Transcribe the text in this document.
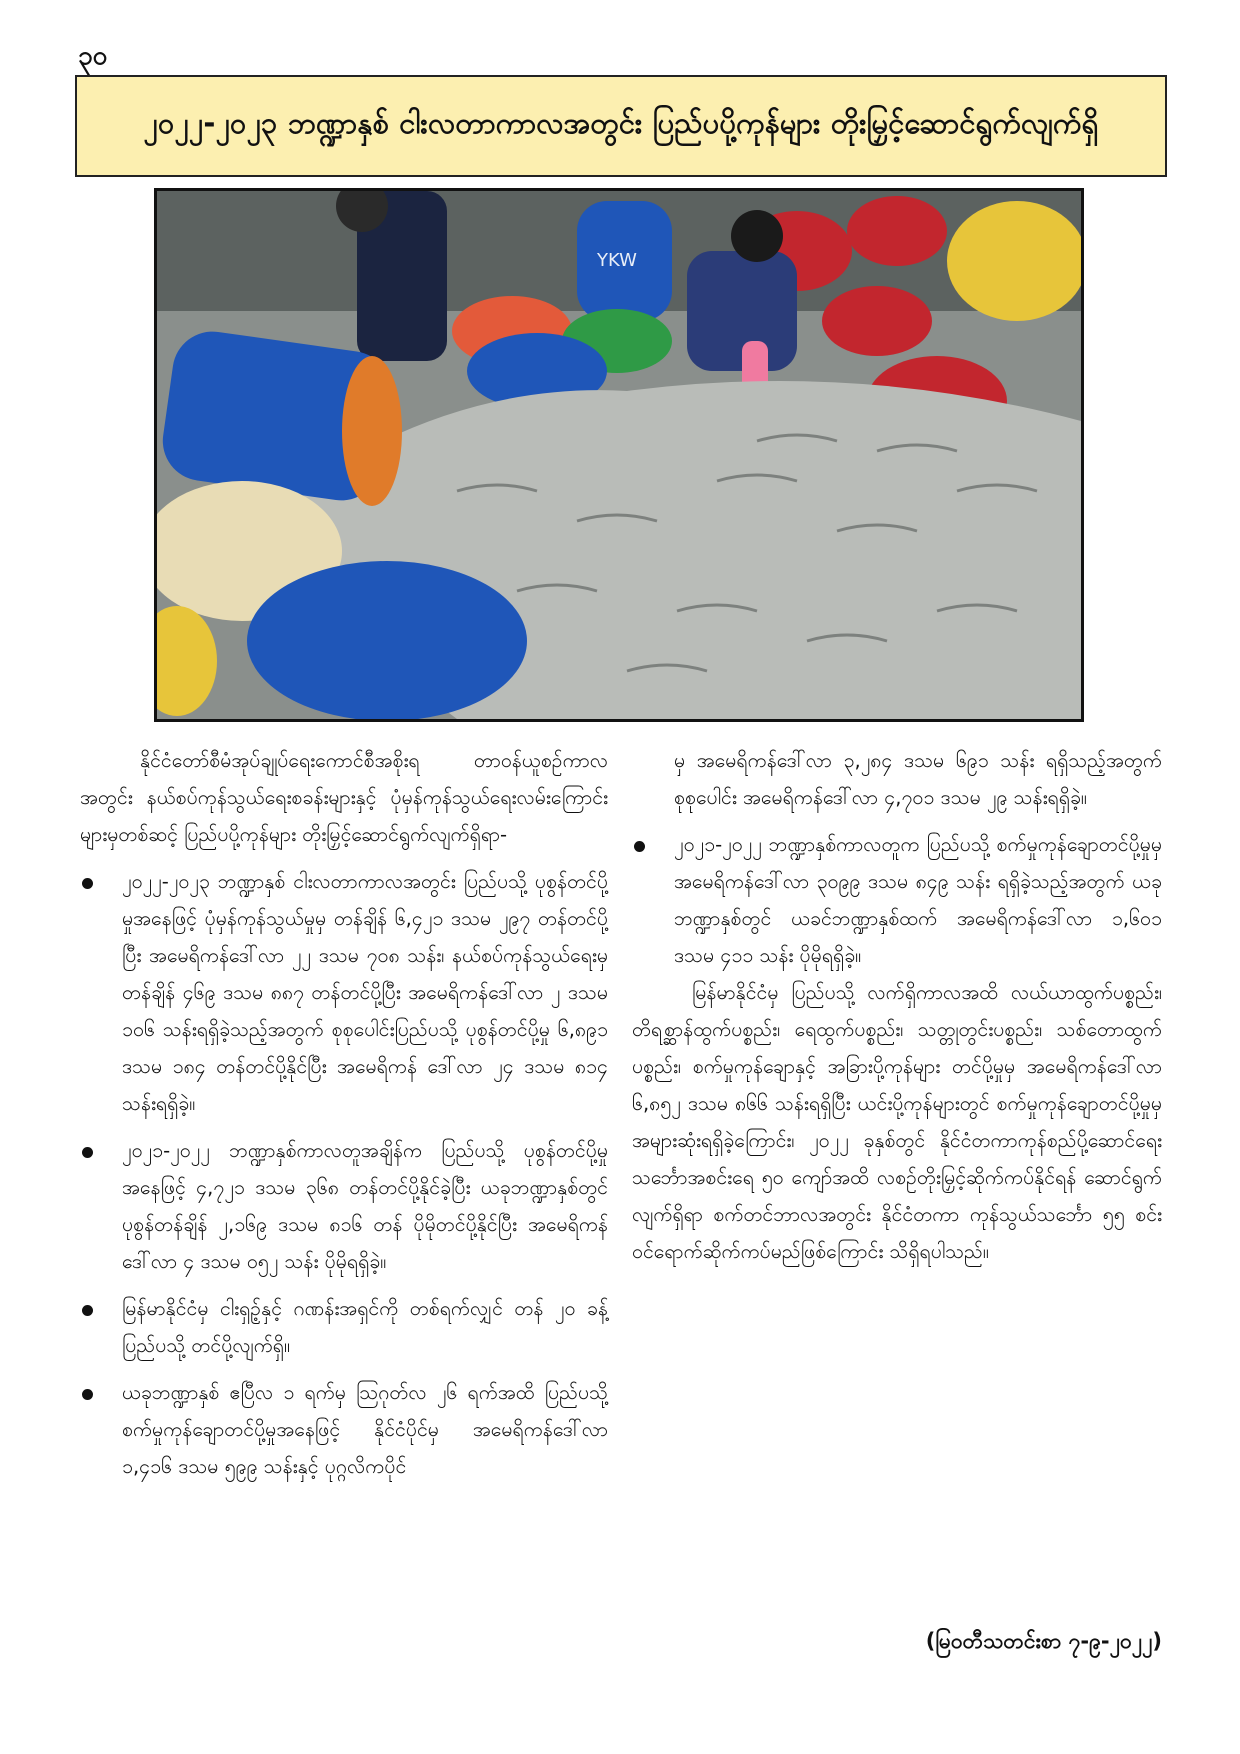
၃၀
၂၀၂၂-၂၀၂၃ ဘဏ္ဍာနှစ် ငါးလတာကာလအတွင်း ပြည်ပပို့ကုန်များ တိုးမြှင့်ဆောင်ရွက်လျက်ရှိ
YKW

နိုင်ငံတော်စီမံအုပ်ချုပ်ရေးကောင်စီအစိုးရ တာဝန်ယူစဉ်ကာလအတွင်း နယ်စပ်ကုန်သွယ်ရေးစခန်းများနှင့် ပုံမှန်ကုန်သွယ်ရေးလမ်းကြောင်းများမှတစ်ဆင့် ပြည်ပပို့ကုန်များ တိုးမြှင့်ဆောင်ရွက်လျက်ရှိရာ-

၂၀၂၂-၂၀၂၃ ဘဏ္ဍာနှစ် ငါးလတာကာလအတွင်း ပြည်ပသို့ ပုစွန်တင်ပို့မှုအနေဖြင့် ပုံမှန်ကုန်သွယ်မှုမှ တန်ချိန် ၆,၄၂၁ ဒသမ ၂၉၇ တန်တင်ပို့ပြီး အမေရိကန်ဒေါ်လာ ၂၂ ဒသမ ၇၀၈ သန်း၊ နယ်စပ်ကုန်သွယ်ရေးမှ တန်ချိန် ၄၆၉ ဒသမ ၈၈၇ တန်တင်ပို့ပြီး အမေရိကန်ဒေါ်လာ ၂ ဒသမ ၁၀၆ သန်းရရှိခဲ့သည့်အတွက် စုစုပေါင်းပြည်ပသို့ ပုစွန်တင်ပို့မှု ၆,၈၉၁ ဒသမ ၁၈၄ တန်တင်ပို့နိုင်ပြီး အမေရိကန် ဒေါ်လာ ၂၄ ဒသမ ၈၁၄ သန်းရရှိခဲ့။
၂၀၂၁-၂၀၂၂ ဘဏ္ဍာနှစ်ကာလတူအချိန်က ပြည်ပသို့ ပုစွန်တင်ပို့မှုအနေဖြင့် ၄,၇၂၁ ဒသမ ၃၆၈ တန်တင်ပို့နိုင်ခဲ့ပြီး ယခုဘဏ္ဍာနှစ်တွင် ပုစွန်တန်ချိန် ၂,၁၆၉ ဒသမ ၈၁၆ တန် ပိုမိုတင်ပို့နိုင်ပြီး အမေရိကန်ဒေါ်လာ ၄ ဒသမ ၀၅၂ သန်း ပိုမိုရရှိခဲ့။
မြန်မာနိုင်ငံမှ ငါးရှဉ့်နှင့် ဂဏန်းအရှင်ကို တစ်ရက်လျှင် တန် ၂၀ ခန့် ပြည်ပသို့ တင်ပို့လျက်ရှိ။
ယခုဘဏ္ဍာနှစ် ဧပြီလ ၁ ရက်မှ ဩဂုတ်လ ၂၆ ရက်အထိ ပြည်ပသို့ စက်မှုကုန်ချောတင်ပို့မှုအနေဖြင့် နိုင်ငံပိုင်မှ အမေရိကန်ဒေါ်လာ ၁,၄၁၆ ဒသမ ၅၉၉ သန်းနှင့် ပုဂ္ဂလိကပိုင်

မှ အမေရိကန်ဒေါ်လာ ၃,၂၈၄ ဒသမ ၆၉၁ သန်း ရရှိသည့်အတွက် စုစုပေါင်း အမေရိကန်ဒေါ်လာ ၄,၇၀၁ ဒသမ ၂၉ သန်းရရှိခဲ့။

၂၀၂၁-၂၀၂၂ ဘဏ္ဍာနှစ်ကာလတူက ပြည်ပသို့ စက်မှုကုန်ချောတင်ပို့မှုမှ အမေရိကန်ဒေါ်လာ ၃၀၉၉ ဒသမ ၈၄၉ သန်း ရရှိခဲ့သည့်အတွက် ယခုဘဏ္ဍာနှစ်တွင် ယခင်ဘဏ္ဍာနှစ်ထက် အမေရိကန်ဒေါ်လာ ၁,၆၀၁ ဒသမ ၄၁၁ သန်း ပိုမိုရရှိခဲ့။

မြန်မာနိုင်ငံမှ ပြည်ပသို့ လက်ရှိကာလအထိ လယ်ယာထွက်ပစ္စည်း၊ တိရစ္ဆာန်ထွက်ပစ္စည်း၊ ရေထွက်ပစ္စည်း၊ သတ္တုတွင်းပစ္စည်း၊ သစ်တောထွက်ပစ္စည်း၊ စက်မှုကုန်ချောနှင့် အခြားပို့ကုန်များ တင်ပို့မှုမှ အမေရိကန်ဒေါ်လာ ၆,၈၅၂ ဒသမ ၈၆၆ သန်းရရှိပြီး ယင်းပို့ကုန်များတွင် စက်မှုကုန်ချောတင်ပို့မှုမှ အများဆုံးရရှိခဲ့ကြောင်း၊ ၂၀၂၂ ခုနှစ်တွင် နိုင်ငံတကာကုန်စည်ပို့ဆောင်ရေးသင်္ဘောအစင်းရေ ၅၀ ကျော်အထိ လစဉ်တိုးမြှင့်ဆိုက်ကပ်နိုင်ရန် ဆောင်ရွက်လျက်ရှိရာ စက်တင်ဘာလအတွင်း နိုင်ငံတကာ ကုန်သွယ်သင်္ဘော ၅၅ စင်း ဝင်ရောက်ဆိုက်ကပ်မည်ဖြစ်ကြောင်း သိရှိရပါသည်။

(မြဝတီသတင်းစာ ၇-၉-၂၀၂၂)
